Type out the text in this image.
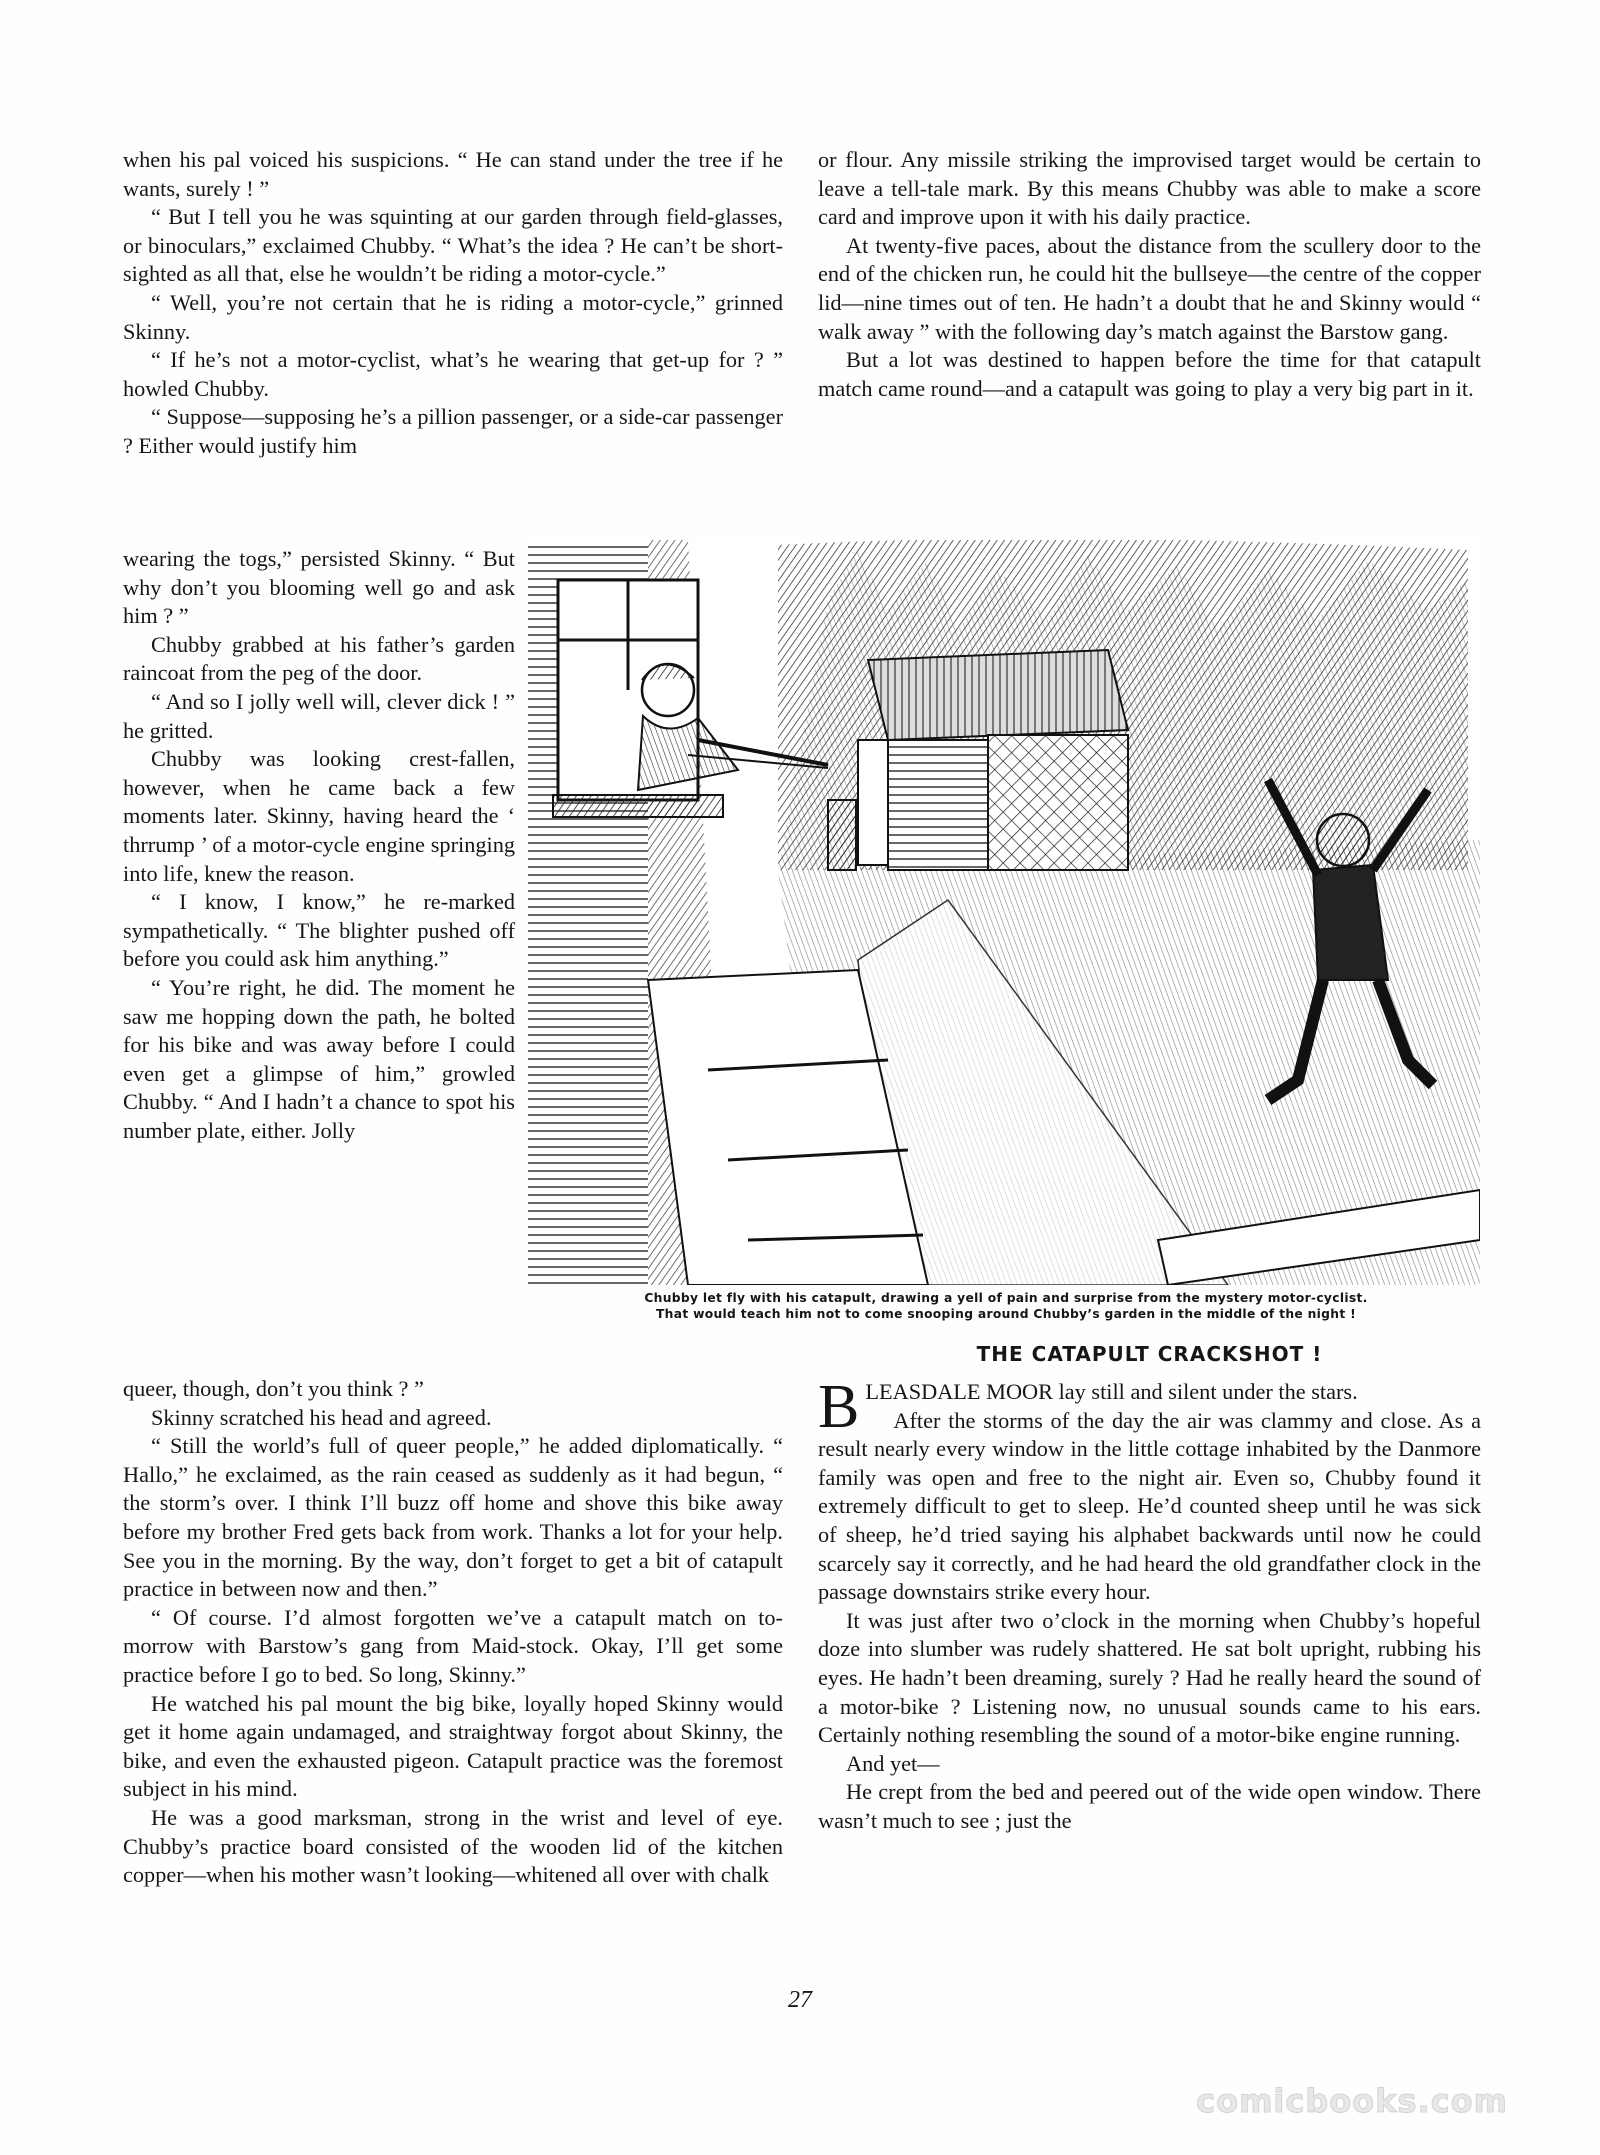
when his pal voiced his suspicions. “ He can stand under the tree if he wants, surely ! ”

“ But I tell you he was squinting at our garden through field-glasses, or binoculars,” exclaimed Chubby. “ What’s the idea ? He can’t be short-sighted as all that, else he wouldn’t be riding a motor-cycle.”

“ Well, you’re not certain that he is riding a motor-cycle,” grinned Skinny.

“ If he’s not a motor-cyclist, what’s he wearing that get-up for ? ” howled Chubby.

“ Suppose—supposing he’s a pillion passenger, or a side-car passenger ? Either would justify him

wearing the togs,” persisted Skinny. “ But why don’t you blooming well go and ask him ? ”

Chubby grabbed at his father’s garden raincoat from the peg of the door.

“ And so I jolly well will, clever dick ! ” he gritted.

Chubby was looking crest-fallen, however, when he came back a few moments later. Skinny, having heard the ‘ thrrump ’ of a motor-cycle engine springing into life, knew the reason.

“ I know, I know,” he re-marked sympathetically. “ The blighter pushed off before you could ask him anything.”

“ You’re right, he did. The moment he saw me hopping down the path, he bolted for his bike and was away before I could even get a glimpse of him,” growled Chubby. “ And I hadn’t a chance to spot his number plate, either. Jolly

queer, though, don’t you think ? ”

Skinny scratched his head and agreed.

“ Still the world’s full of queer people,” he added diplomatically. “ Hallo,” he exclaimed, as the rain ceased as suddenly as it had begun, “ the storm’s over. I think I’ll buzz off home and shove this bike away before my brother Fred gets back from work. Thanks a lot for your help. See you in the morning. By the way, don’t forget to get a bit of catapult practice in between now and then.”

“ Of course. I’d almost forgotten we’ve a catapult match on to-morrow with Barstow’s gang from Maid-stock. Okay, I’ll get some practice before I go to bed. So long, Skinny.”

He watched his pal mount the big bike, loyally hoped Skinny would get it home again undamaged, and straightway forgot about Skinny, the bike, and even the exhausted pigeon. Catapult practice was the foremost subject in his mind.

He was a good marksman, strong in the wrist and level of eye. Chubby’s practice board consisted of the wooden lid of the kitchen copper—when his mother wasn’t looking—whitened all over with chalk

or flour. Any missile striking the improvised target would be certain to leave a tell-tale mark. By this means Chubby was able to make a score card and improve upon it with his daily practice.

At twenty-five paces, about the distance from the scullery door to the end of the chicken run, he could hit the bullseye—the centre of the copper lid—nine times out of ten. He hadn’t a doubt that he and Skinny would “ walk away ” with the following day’s match against the Barstow gang.

But a lot was destined to happen before the time for that catapult match came round—and a catapult was going to play a very big part in it.

Chubby let fly with his catapult, drawing a yell of pain and surprise from the mystery motor-cyclist.
That would teach him not to come snooping around Chubby’s garden in the middle of the night !
THE CATAPULT CRACKSHOT !

BLEASDALE MOOR lay still and silent under the stars.

After the storms of the day the air was clammy and close. As a result nearly every window in the little cottage inhabited by the Danmore family was open and free to the night air. Even so, Chubby found it extremely difficult to get to sleep. He’d counted sheep until he was sick of sheep, he’d tried saying his alphabet backwards until now he could scarcely say it correctly, and he had heard the old grandfather clock in the passage downstairs strike every hour.

It was just after two o’clock in the morning when Chubby’s hopeful doze into slumber was rudely shattered. He sat bolt upright, rubbing his eyes. He hadn’t been dreaming, surely ? Had he really heard the sound of a motor-bike ? Listening now, no unusual sounds came to his ears. Certainly nothing resembling the sound of a motor-bike engine running.

And yet—

He crept from the bed and peered out of the wide open window. There wasn’t much to see ; just the

27
comicbooks.com
